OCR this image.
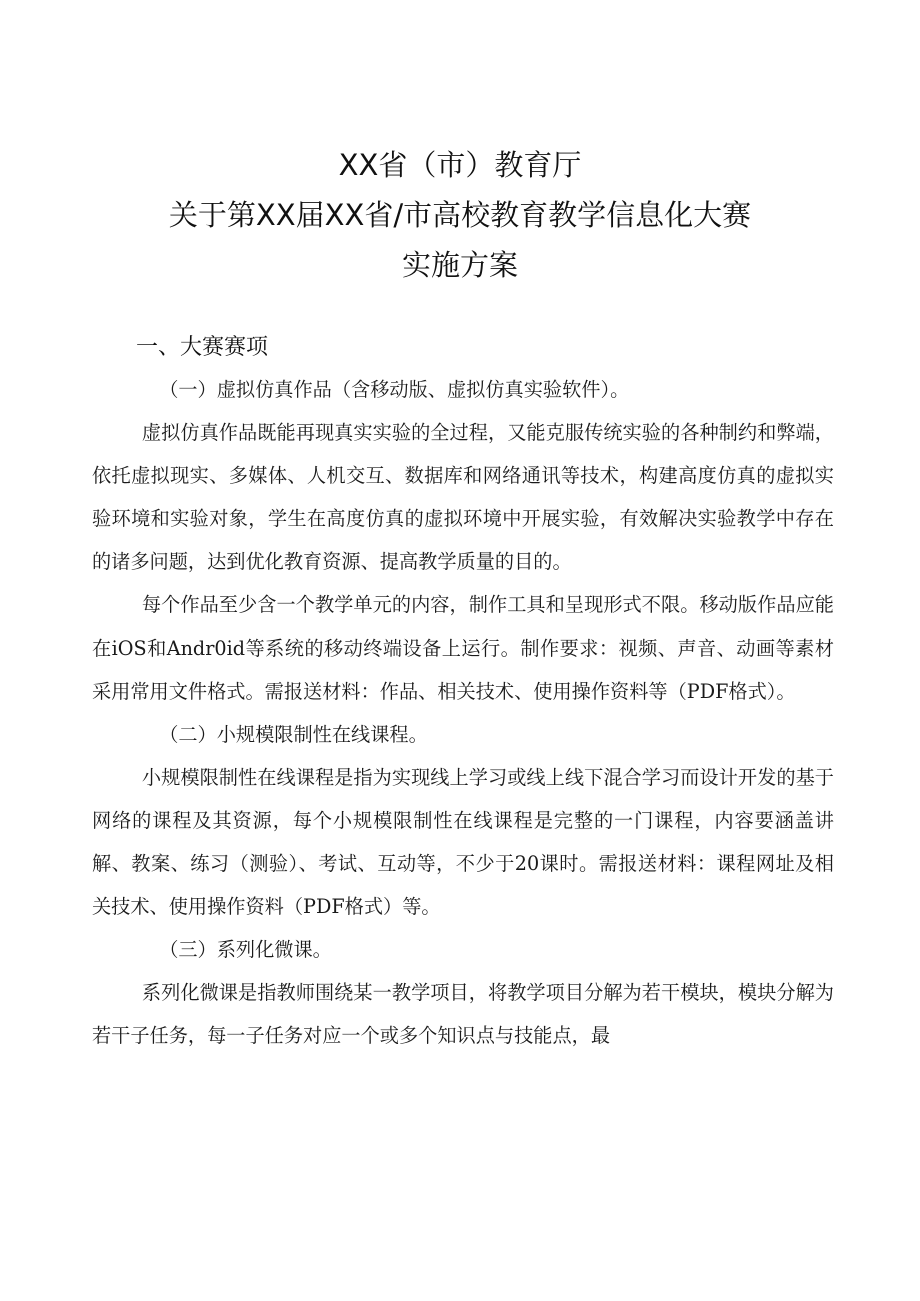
XX省（市）教育厅
关于第XX届XX省/市高校教育教学信息化大赛
实施方案
一、大赛赛项

（一）虚拟仿真作品（含移动版、虚拟仿真实验软件）。

虚拟仿真作品既能再现真实实验的全过程，又能克服传统实验的各种制约和弊端，依托虚拟现实、多媒体、人机交互、数据库和网络通讯等技术，构建高度仿真的虚拟实验环境和实验对象，学生在高度仿真的虚拟环境中开展实验，有效解决实验教学中存在的诸多问题，达到优化教育资源、提高教学质量的目的。

每个作品至少含一个教学单元的内容，制作工具和呈现形式不限。移动版作品应能在iOS和Andr0id等系统的移动终端设备上运行。制作要求：视频、声音、动画等素材采用常用文件格式。需报送材料：作品、相关技术、使用操作资料等（PDF格式）。

（二）小规模限制性在线课程。

小规模限制性在线课程是指为实现线上学习或线上线下混合学习而设计开发的基于网络的课程及其资源，每个小规模限制性在线课程是完整的一门课程，内容要涵盖讲解、教案、练习（测验）、考试、互动等，不少于20课时。需报送材料：课程网址及相关技术、使用操作资料（PDF格式）等。

（三）系列化微课。

系列化微课是指教师围绕某一教学项目，将教学项目分解为若干模块，模块分解为若干子任务，每一子任务对应一个或多个知识点与技能点，最
